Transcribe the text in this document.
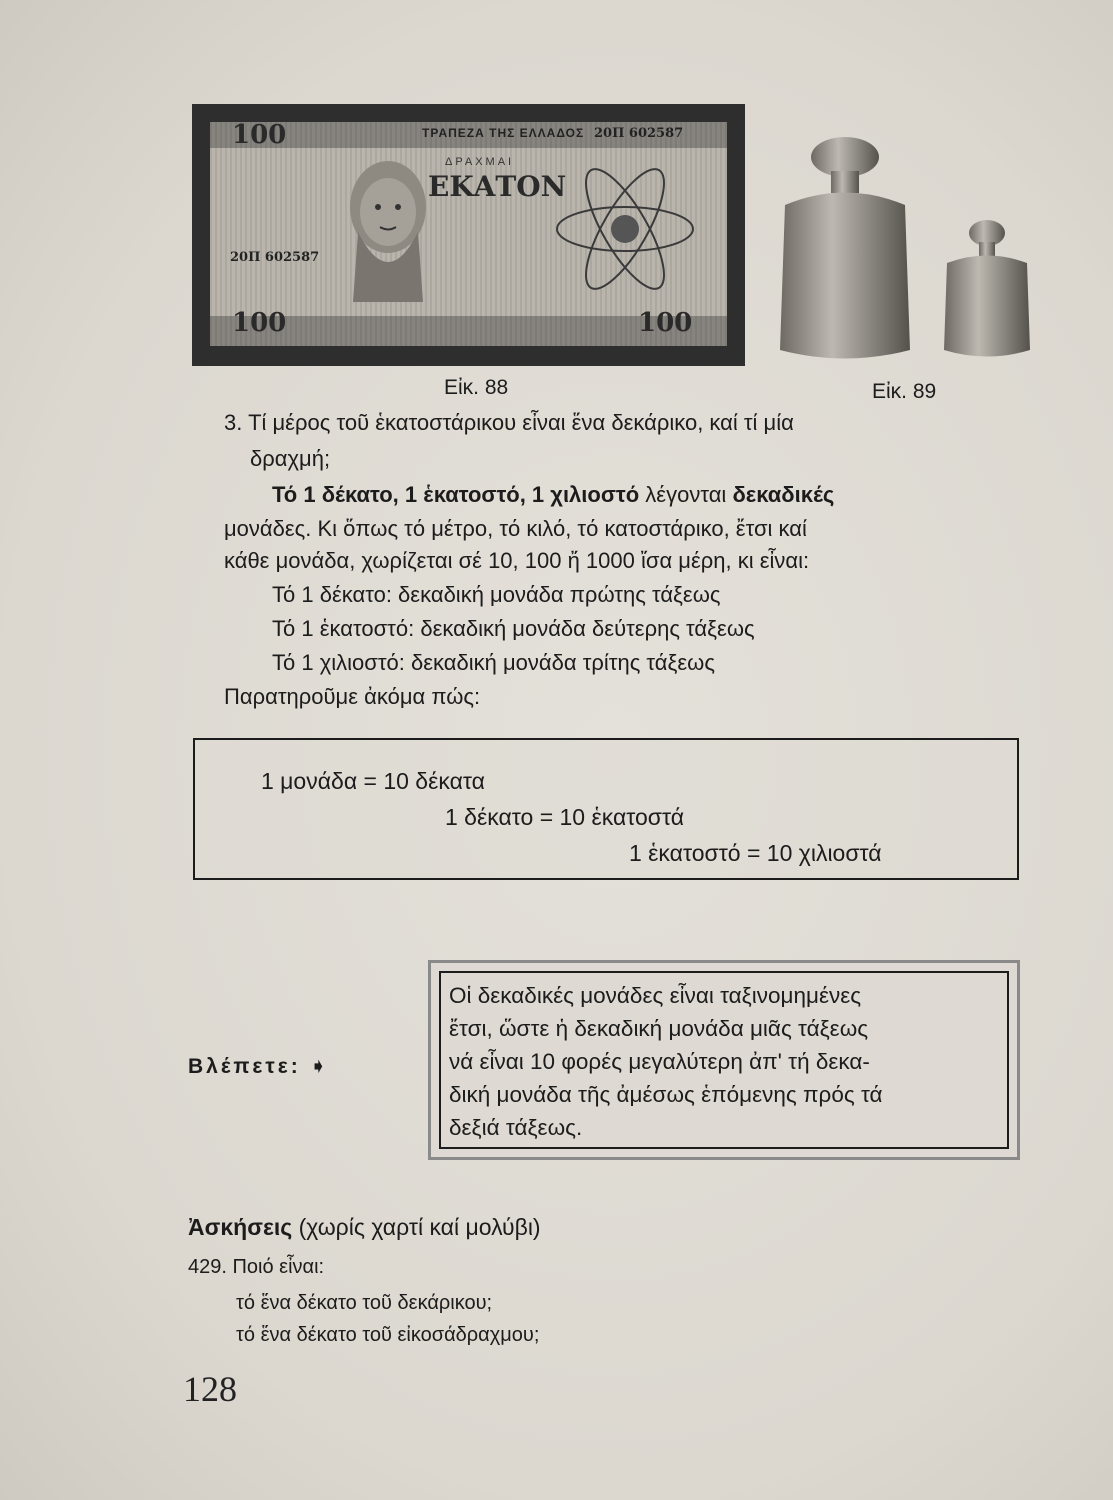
100	ΤΡΑΠΕΖΑ ΤΗΣ ΕΛΛΑΔΟΣ 20Π 602587
ΔΡΑΧΜΑΙ
ΕΚΑΤΟΝ
20Π 602587
100	100
Εἰκ. 88	Εἰκ. 89
3. Τί μέρος τοῦ ἑκατοστάρικου εἶναι ἕνα δεκάρικο, καί τί μία
δραχμή;
Τό 1 δέκατο, 1 ἑκατοστό, 1 χιλιοστό λέγονται δεκαδικές
μονάδες. Κι ὅπως τό μέτρο, τό κιλό, τό κατοστάρικο, ἔτσι καί
κάθε μονάδα, χωρίζεται σέ 10, 100 ἤ 1000 ἴσα μέρη, κι εἶναι:
Τό 1 δέκατο: δεκαδική μονάδα πρώτης τάξεως
Τό 1 ἑκατοστό: δεκαδική μονάδα δεύτερης τάξεως
Τό 1 χιλιοστό: δεκαδική μονάδα τρίτης τάξεως
Παρατηροῦμε ἀκόμα πώς:
1 μονάδα = 10 δέκατα
1 δέκατο = 10 ἑκατοστά
1 ἑκατοστό = 10 χιλιοστά
Οἱ δεκαδικές μονάδες εἶναι ταξινομημένες
ἔτσι, ὥστε ἡ δεκαδική μονάδα μιᾶς τάξεως
νά εἶναι 10 φορές μεγαλύτερη ἀπ' τή δεκα-
δική μονάδα τῆς ἀμέσως ἑπόμενης πρός τά
δεξιά τάξεως.
Βλέπετε: ➧
Ἀσκήσεις (χωρίς χαρτί καί μολύβι)
429. Ποιό εἶναι:
τό ἕνα δέκατο τοῦ δεκάρικου;
τό ἕνα δέκατο τοῦ εἰκοσάδραχμου;
128
